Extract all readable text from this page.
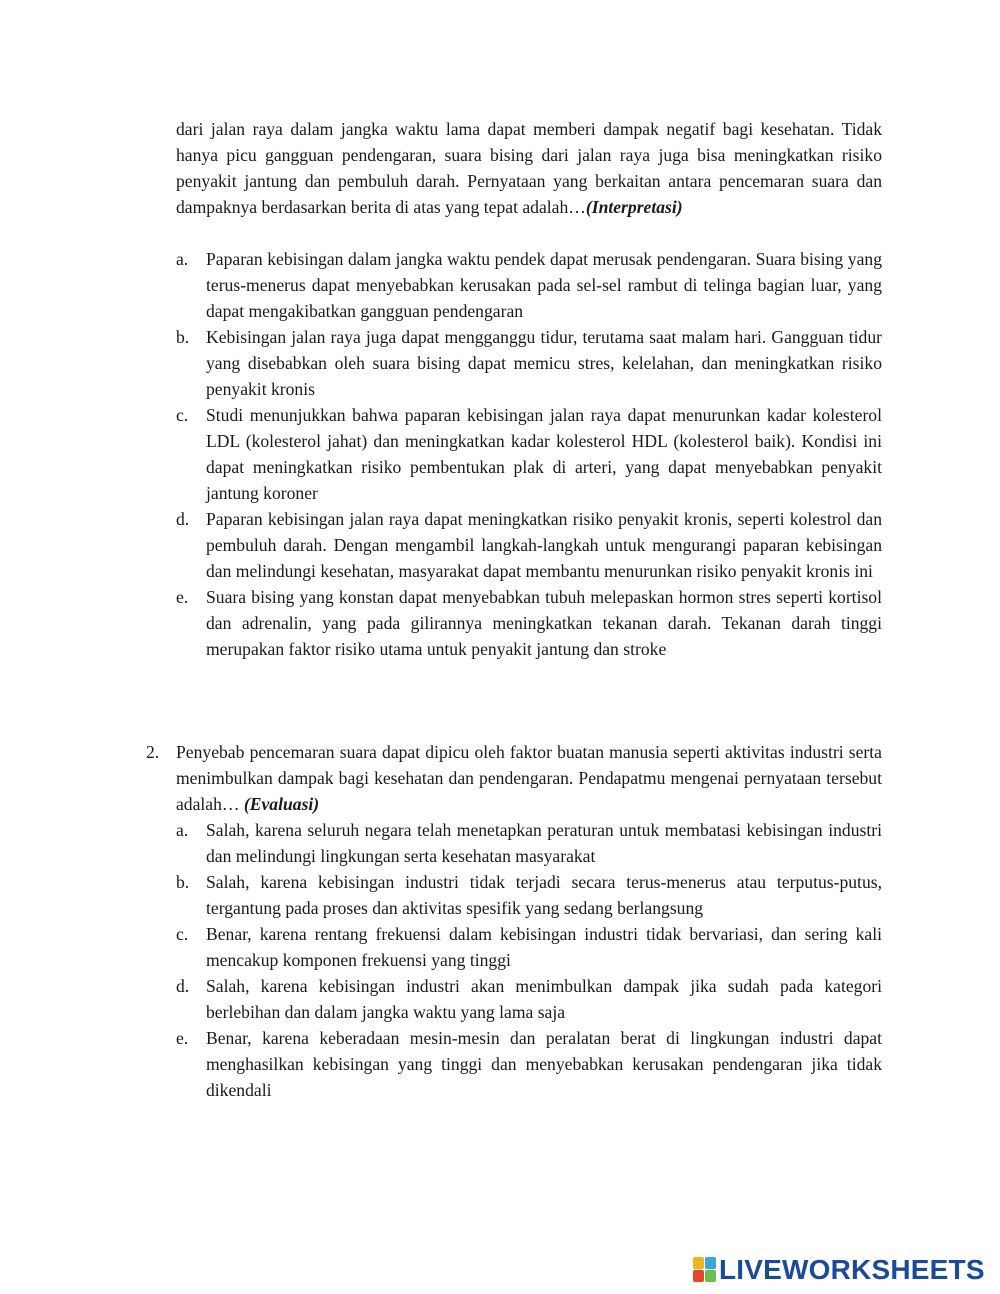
dari jalan raya dalam jangka waktu lama dapat memberi dampak negatif bagi kesehatan. Tidak hanya picu gangguan pendengaran, suara bising dari jalan raya juga bisa meningkatkan risiko penyakit jantung dan pembuluh darah. Pernyataan yang berkaitan antara pencemaran suara dan dampaknya berdasarkan berita di atas yang tepat adalah…(Interpretasi)

a.	Paparan kebisingan dalam jangka waktu pendek dapat merusak pendengaran. Suara bising yang terus-menerus dapat menyebabkan kerusakan pada sel-sel rambut di telinga bagian luar, yang dapat mengakibatkan gangguan pendengaran
b. Kebisingan jalan raya juga dapat mengganggu tidur, terutama saat malam hari. Gangguan tidur yang disebabkan oleh suara bising dapat memicu stres, kelelahan, dan meningkatkan risiko penyakit kronis
c.	Studi menunjukkan bahwa paparan kebisingan jalan raya dapat menurunkan kadar kolesterol LDL (kolesterol jahat) dan meningkatkan kadar kolesterol HDL (kolesterol baik). Kondisi ini dapat meningkatkan risiko pembentukan plak di arteri, yang dapat menyebabkan penyakit jantung koroner
d. Paparan kebisingan jalan raya dapat meningkatkan risiko penyakit kronis, seperti kolestrol dan pembuluh darah. Dengan mengambil langkah-langkah untuk mengurangi paparan kebisingan dan melindungi kesehatan, masyarakat dapat membantu menurunkan risiko penyakit kronis ini
e.	Suara bising yang konstan dapat menyebabkan tubuh melepaskan hormon stres seperti kortisol dan adrenalin, yang pada gilirannya meningkatkan tekanan darah. Tekanan darah tinggi merupakan faktor risiko utama untuk penyakit jantung dan stroke
2. Penyebab pencemaran suara dapat dipicu oleh faktor buatan manusia seperti aktivitas industri serta menimbulkan dampak bagi kesehatan dan pendengaran. Pendapatmu mengenai pernyataan tersebut adalah… (Evaluasi)

a.	Salah, karena seluruh negara telah menetapkan peraturan untuk membatasi kebisingan industri dan melindungi lingkungan serta kesehatan masyarakat
b. Salah, karena kebisingan industri tidak terjadi secara terus-menerus atau terputus-putus, tergantung pada proses dan aktivitas spesifik yang sedang berlangsung
c.	Benar, karena rentang frekuensi dalam kebisingan industri tidak bervariasi, dan sering kali mencakup komponen frekuensi yang tinggi
d. Salah, karena kebisingan industri akan menimbulkan dampak jika sudah pada kategori berlebihan dan dalam jangka waktu yang lama saja
e.	Benar, karena keberadaan mesin-mesin dan peralatan berat di lingkungan industri dapat menghasilkan kebisingan yang tinggi dan menyebabkan kerusakan pendengaran jika tidak dikendali
LIVEWORKSHEETS
